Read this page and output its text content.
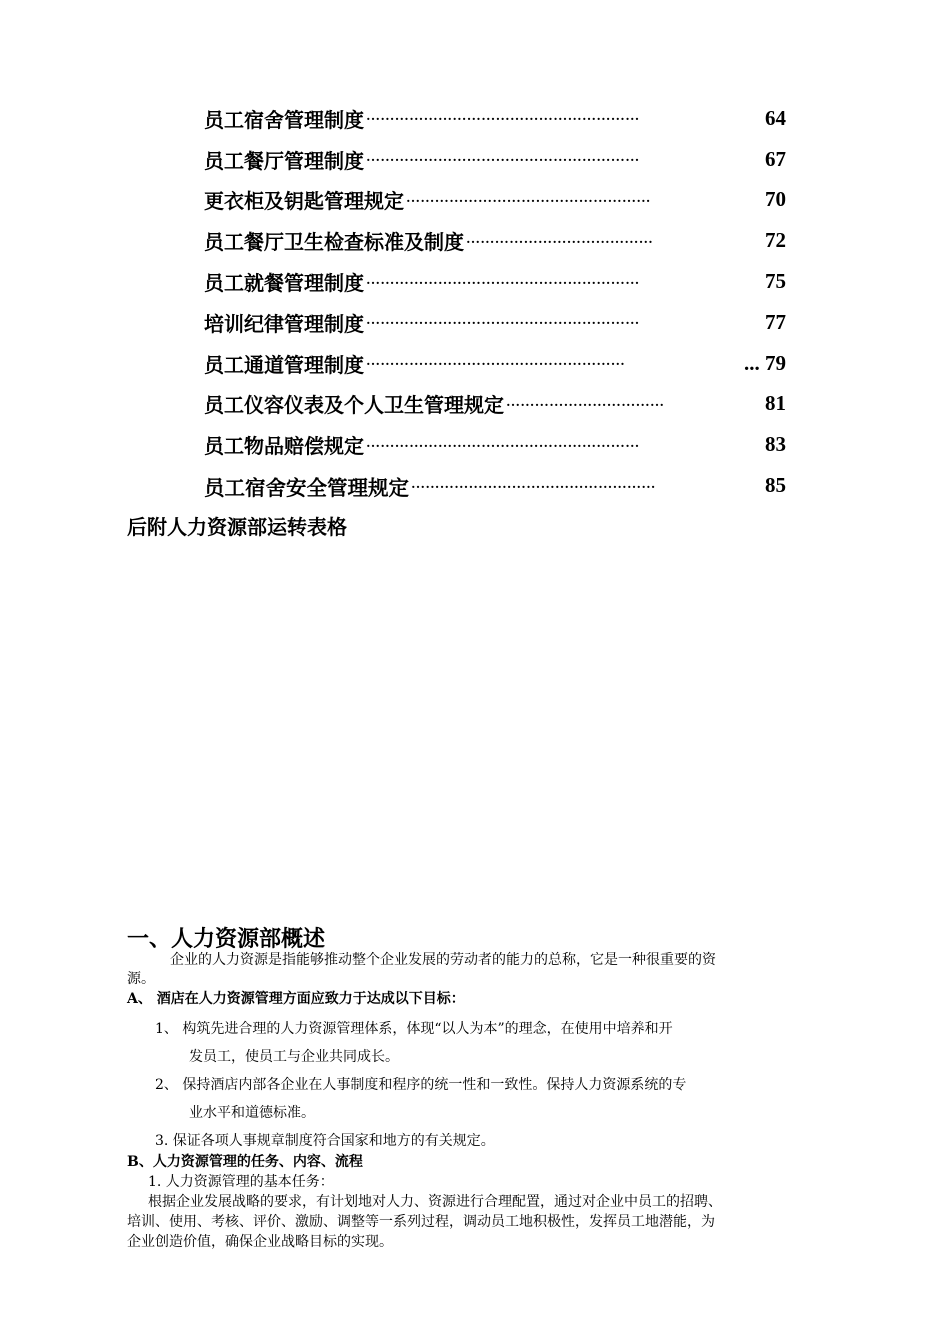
员工宿舍管理制度 …………………………………………………	64
员工餐厅管理制度 …………………………………………………	67
更衣柜及钥匙管理规定 ……………………………………………	70
员工餐厅卫生检查标准及制度 …………………………………	72
员工就餐管理制度 …………………………………………………	75
培训纪律管理制度 …………………………………………………	77
员工通道管理制度 ………………………………………………	... 79
员工仪容仪表及个人卫生管理规定 ……………………………	81
员工物品赔偿规定 …………………………………………………	83
员工宿舍安全管理规定 ……………………………………………	85
后附人力资源部运转表格
一、人力资源部概述
企业的人力资源是指能够推动整个企业发展的劳动者的能力的总称，它是一种很重要的资
源。
A、 酒店在人力资源管理方面应致力于达成以下目标：
1、 构筑先进合理的人力资源管理体系，体现“以人为本”的理念，在使用中培养和开
发员工，使员工与企业共同成长。
2、 保持酒店内部各企业在人事制度和程序的统一性和一致性。保持人力资源系统的专
业水平和道德标准。
3. 保证各项人事规章制度符合国家和地方的有关规定。
B、人力资源管理的任务、内容、流程
1. 人力资源管理的基本任务：
根据企业发展战略的要求，有计划地对人力、资源进行合理配置，通过对企业中员工的招聘、
培训、使用、考核、评价、激励、调整等一系列过程，调动员工地积极性，发挥员工地潜能，为
企业创造价值，确保企业战略目标的实现。
